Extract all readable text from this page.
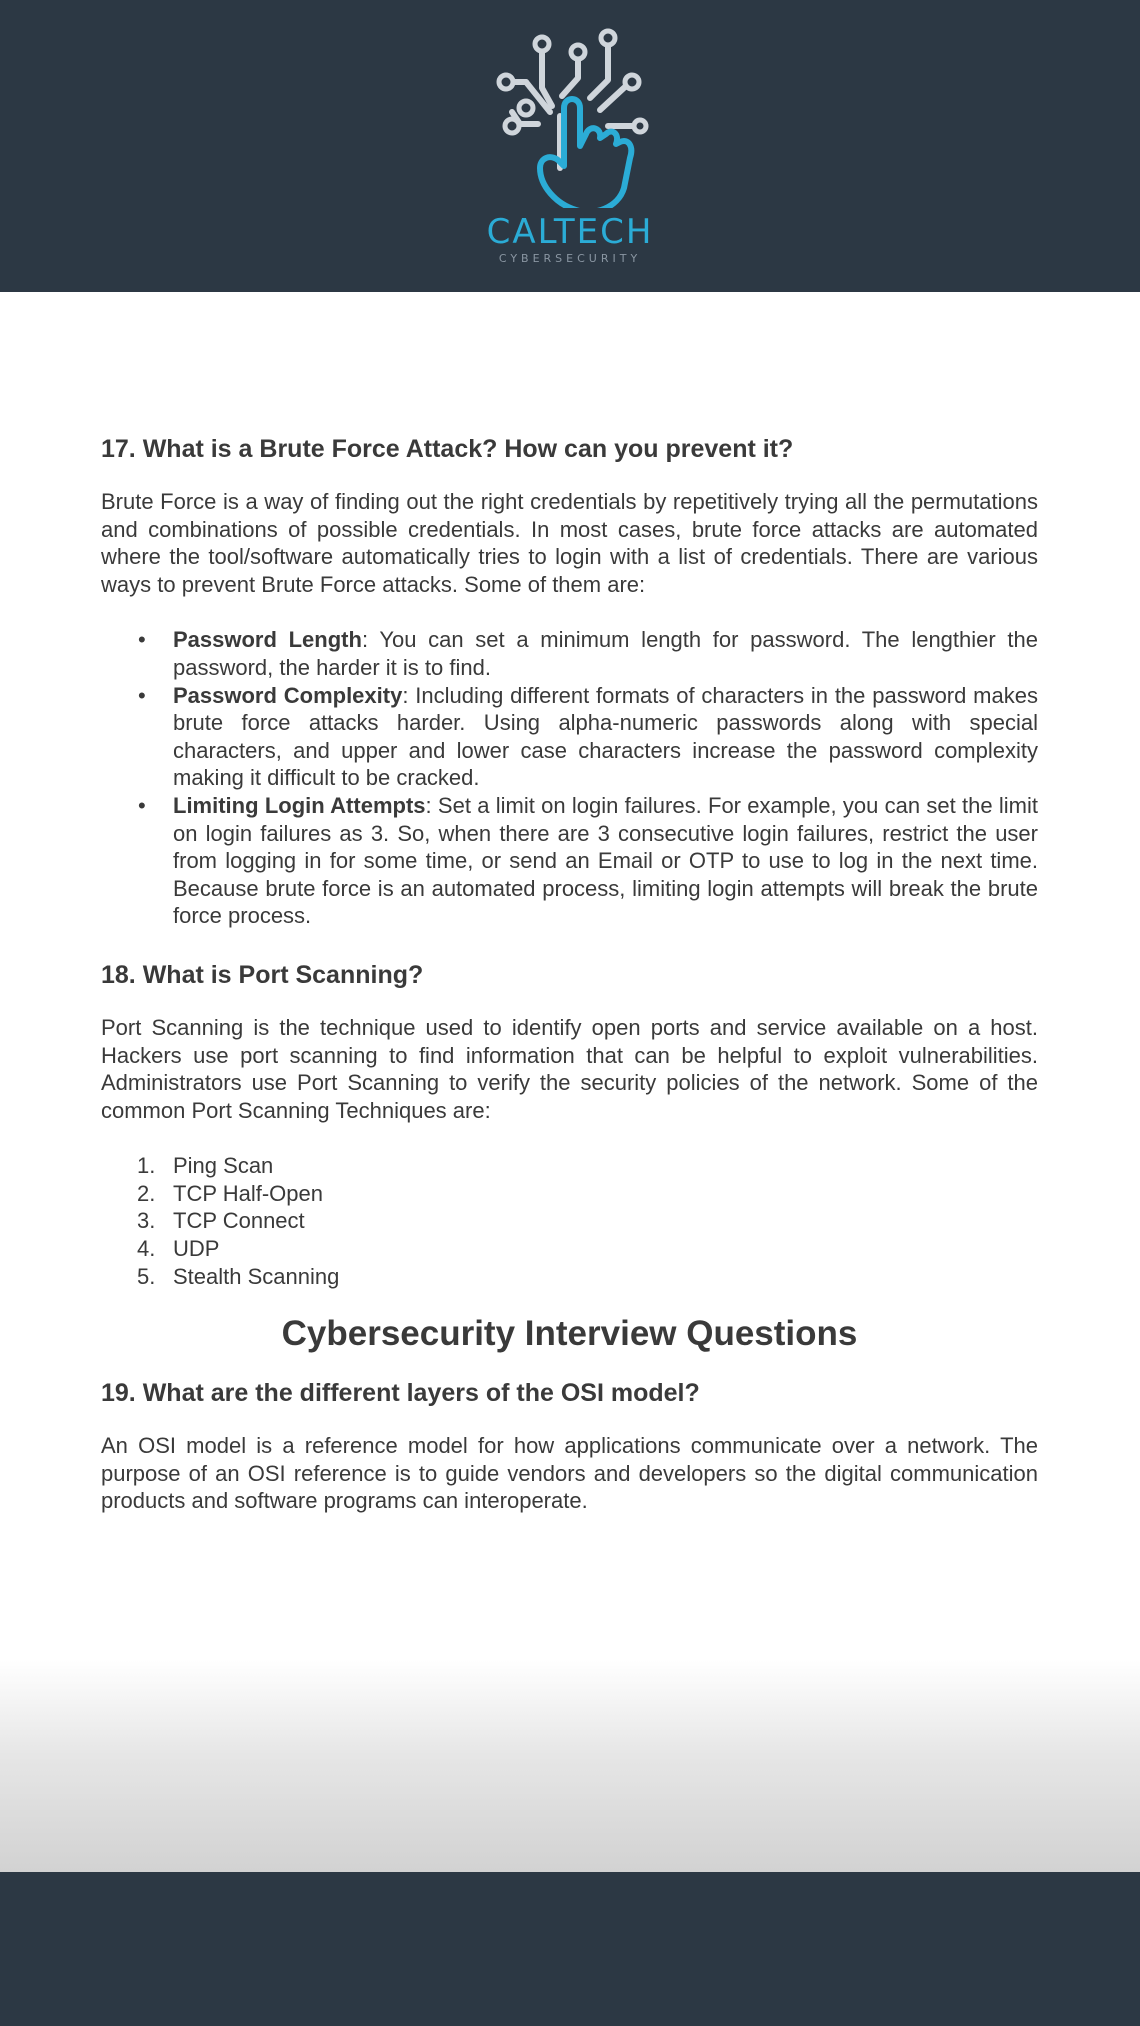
CALTECH
CYBERSECURITY
17. What is a Brute Force Attack? How can you prevent it?

Brute Force is a way of finding out the right credentials by repetitively trying all the permutations and combinations of possible credentials. In most cases, brute force attacks are automated where the tool/software automatically tries to login with a list of credentials. There are various ways to prevent Brute Force attacks. Some of them are:

• Password Length: You can set a minimum length for password. The lengthier the password, the harder it is to find.
• Password Complexity: Including different formats of characters in the password makes brute force attacks harder. Using alpha-numeric passwords along with special characters, and upper and lower case characters increase the password complexity making it difficult to be cracked.
• Limiting Login Attempts: Set a limit on login failures. For example, you can set the limit on login failures as 3. So, when there are 3 consecutive login failures, restrict the user from logging in for some time, or send an Email or OTP to use to log in the next time. Because brute force is an automated process, limiting login attempts will break the brute force process.
18. What is Port Scanning?

Port Scanning is the technique used to identify open ports and service available on a host. Hackers use port scanning to find information that can be helpful to exploit vulnerabilities. Administrators use Port Scanning to verify the security policies of the network. Some of the common Port Scanning Techniques are:

1. Ping Scan
2. TCP Half-Open
3. TCP Connect
4. UDP
5. Stealth Scanning
Cybersecurity Interview Questions
19. What are the different layers of the OSI model?

An OSI model is a reference model for how applications communicate over a network. The purpose of an OSI reference is to guide vendors and developers so the digital communication products and software programs can interoperate.
